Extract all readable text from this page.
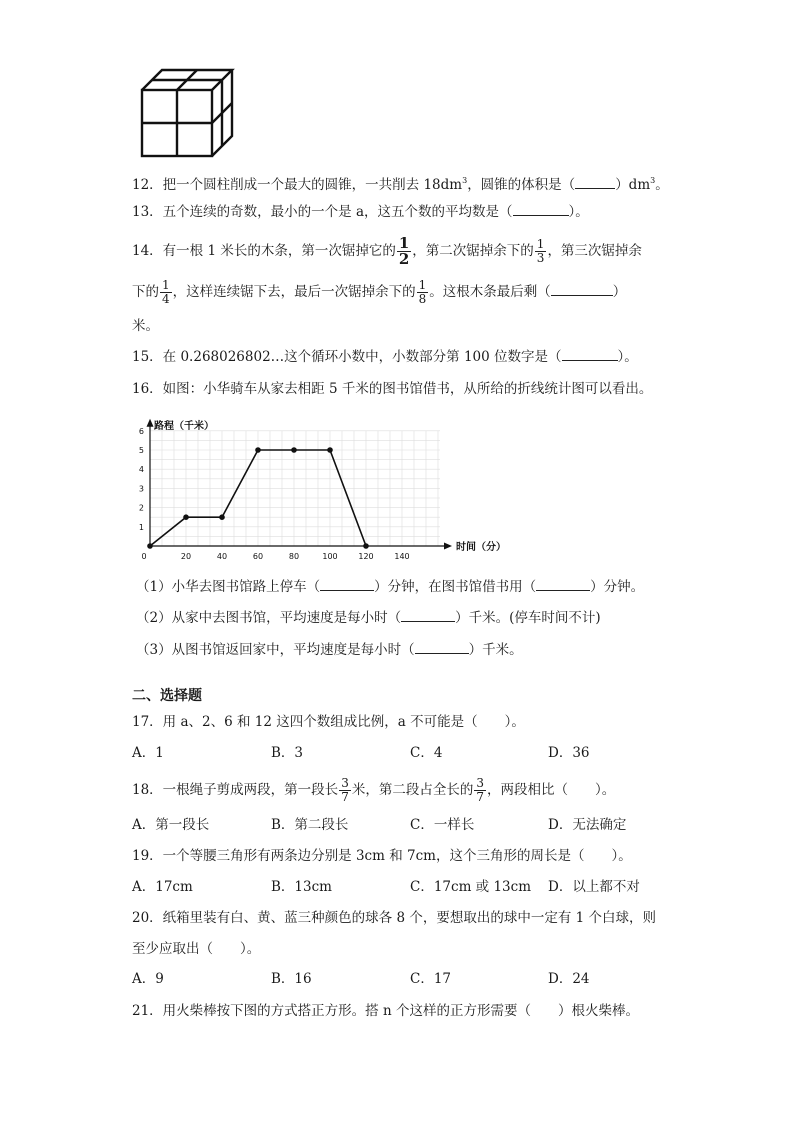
12．把一个圆柱削成一个最大的圆锥，一共削去 $18dm^3$，圆锥的体积是（	）$dm^3$。
13．五个连续的奇数，最小的一个是 a，这五个数的平均数是（	）。
14．有一根 1 米长的木条，第一次锯掉它的 $\frac{1}{2}$ ，第二次锯掉余下的 $\frac{1}{3}$ ，第三次锯掉余
下的 $\frac{1}{4}$ ，这样连续锯下去，最后一次锯掉余下的 $\frac{1}{8}$ 。这根木条最后剩（	）
米。
15．在 0.268026802…这个循环小数中，小数部分第 100 位数字是（	）。
16．如图：小华骑车从家去相距 5 千米的图书馆借书，从所给的折线统计图可以看出。
1
2
3
4
5
6
0	20	40	60	80	100	120	140
路程（千米）
时间（分）
（1）小华去图书馆路上停车（	）分钟，在图书馆借书用（	）分钟。
（2）从家中去图书馆，平均速度是每小时（	）千米。(停车时间不计)
（3）从图书馆返回家中，平均速度是每小时（	）千米。
二、选择题
17．用 a、2、6 和 12 这四个数组成比例，a 不可能是（　　）。
A．1	B．3	C．4	D．36
18．一根绳子剪成两段，第一段长 $\frac{3}{7}$ 米，第二段占全长的 $\frac{3}{7}$ ，两段相比（　　）。
A．第一段长	B．第二段长	C．一样长	D．无法确定
19．一个等腰三角形有两条边分别是 3cm 和 7cm，这个三角形的周长是（　　）。
A．17cm	B．13cm	C．17cm 或 13cm D．以上都不对
20．纸箱里装有白、黄、蓝三种颜色的球各 8 个，要想取出的球中一定有 1 个白球，则
至少应取出（　　）。
A．9	B．16	C．17	D．24
21．用火柴棒按下图的方式搭正方形。搭 n 个这样的正方形需要（　　）根火柴棒。
